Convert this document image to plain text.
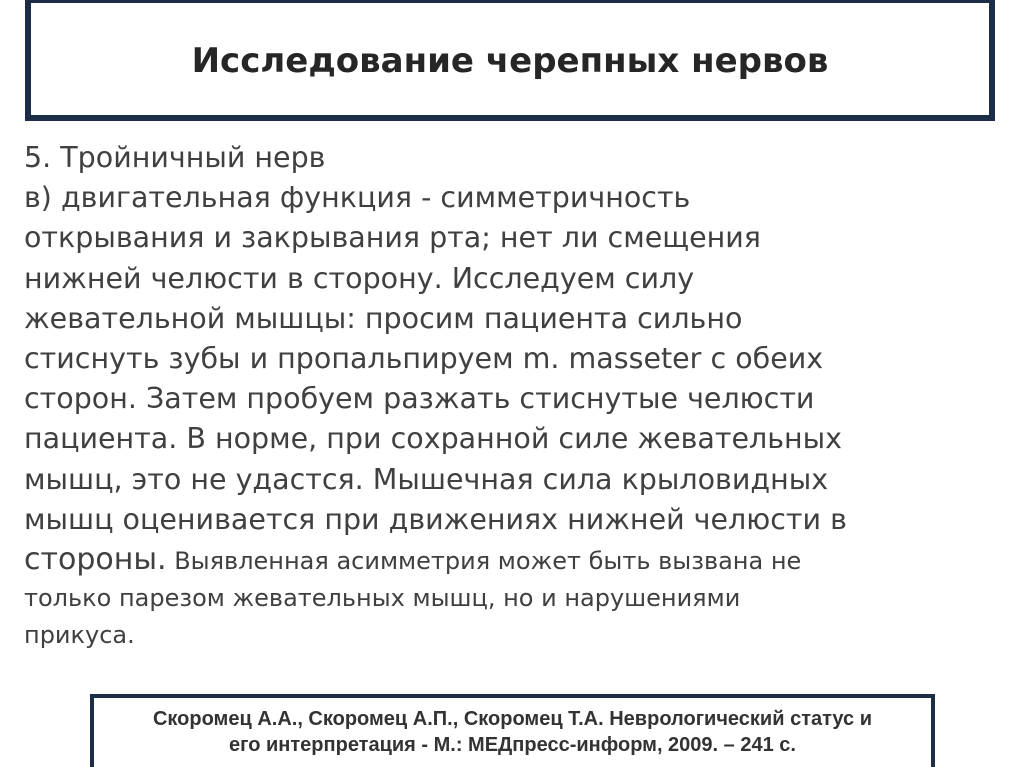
Исследование черепных нервов
5. Тройничный нерв
в) двигательная функция - симметричность
открывания и закрывания рта; нет ли смещения
нижней челюсти в сторону. Исследуем силу
жевательной мышцы: просим пациента сильно
стиснуть зубы и пропальпируем m. masseter с обеих
сторон. Затем пробуем разжать стиснутые челюсти
пациента. В норме, при сохранной силе жевательных
мышц, это не удастся. Мышечная сила крыловидных
мышц оценивается при движениях нижней челюсти в
стороны. Выявленная асимметрия может быть вызвана не
только парезом жевательных мышц, но и нарушениями
прикуса.
Скоромец А.А., Скоромец А.П., Скоромец Т.А. Неврологический статус и
его интерпретация - М.: МЕДпресс-информ, 2009. – 241 с.
